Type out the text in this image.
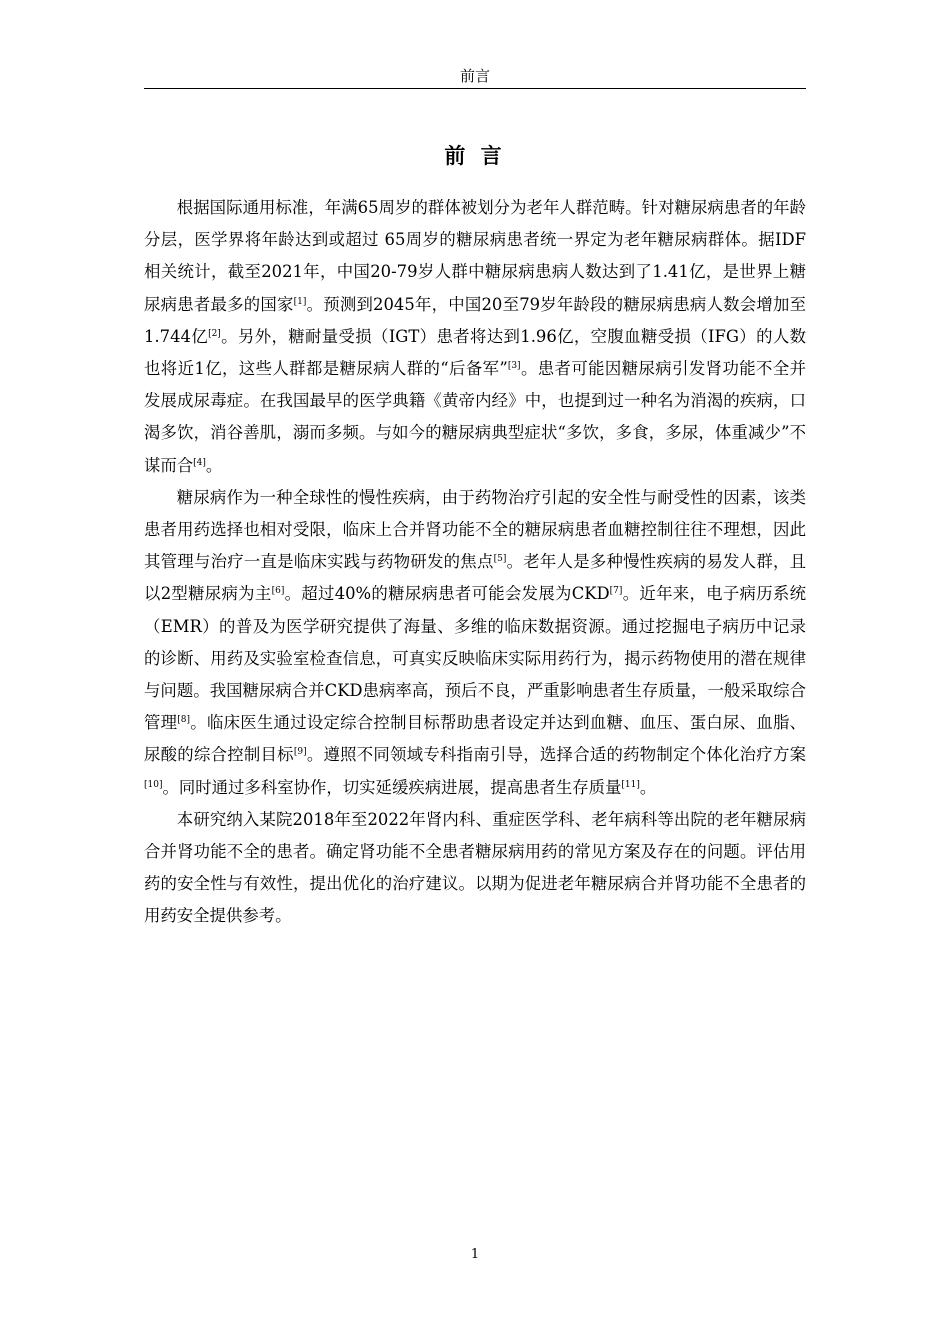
前言
前 言

根据国际通用标准，年满65周岁的群体被划分为老年人群范畴。针对糖尿病患者的年龄分层，医学界将年龄达到或超过 65周岁的糖尿病患者统一界定为老年糖尿病群体。据IDF相关统计，截至2021年，中国20-79岁人群中糖尿病患病人数达到了1.41亿，是世界上糖尿病患者最多的国家[1]。预测到2045年，中国20至79岁年龄段的糖尿病患病人数会增加至1.744亿[2]。另外，糖耐量受损（IGT）患者将达到1.96亿，空腹血糖受损（IFG）的人数也将近1亿，这些人群都是糖尿病人群的“后备军”[3]。患者可能因糖尿病引发肾功能不全并发展成尿毒症。在我国最早的医学典籍《黄帝内经》中，也提到过一种名为消渴的疾病，口渴多饮，消谷善肌，溺而多频。与如今的糖尿病典型症状“多饮，多食，多尿，体重减少”不谋而合[4]。

糖尿病作为一种全球性的慢性疾病，由于药物治疗引起的安全性与耐受性的因素，该类患者用药选择也相对受限，临床上合并肾功能不全的糖尿病患者血糖控制往往不理想，因此其管理与治疗一直是临床实践与药物研发的焦点[5]。老年人是多种慢性疾病的易发人群，且以2型糖尿病为主[6]。超过40%的糖尿病患者可能会发展为CKD[7]。近年来，电子病历系统（EMR）的普及为医学研究提供了海量、多维的临床数据资源。通过挖掘电子病历中记录的诊断、用药及实验室检查信息，可真实反映临床实际用药行为，揭示药物使用的潜在规律与问题。我国糖尿病合并CKD患病率高，预后不良，严重影响患者生存质量，一般采取综合管理[8]。临床医生通过设定综合控制目标帮助患者设定并达到血糖、血压、蛋白尿、血脂、尿酸的综合控制目标[9]。遵照不同领域专科指南引导，选择合适的药物制定个体化治疗方案[10]。同时通过多科室协作，切实延缓疾病进展，提高患者生存质量[11]。

本研究纳入某院2018年至2022年肾内科、重症医学科、老年病科等出院的老年糖尿病合并肾功能不全的患者。确定肾功能不全患者糖尿病用药的常见方案及存在的问题。评估用药的安全性与有效性，提出优化的治疗建议。以期为促进老年糖尿病合并肾功能不全患者的用药安全提供参考。

1
